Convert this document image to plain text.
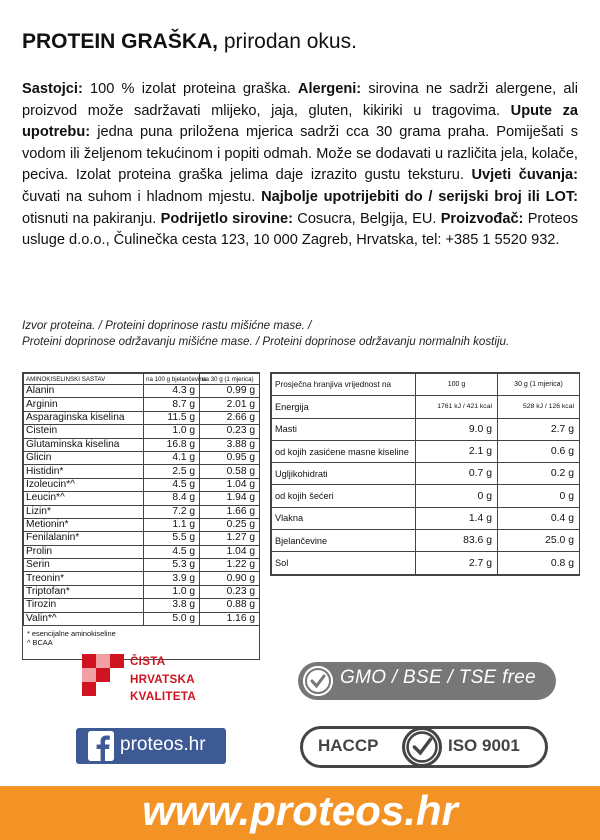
PROTEIN GRAŠKA, prirodan okus.
Sastojci: 100 % izolat proteina graška. Alergeni: sirovina ne sadrži alergene, ali proizvod može sadržavati mlijeko, jaja, gluten, kikiriki u tragovima. Upute za upotrebu: jedna puna priložena mjerica sadrži cca 30 grama praha. Pomiješati s vodom ili željenom tekućinom i popiti odmah. Može se dodavati u različita jela, kolače, peciva. Izolat proteina graška jelima daje izrazito gustu teksturu. Uvjeti čuvanja: čuvati na suhom i hladnom mjestu. Najbolje upotrijebiti do / serijski broj ili LOT: otisnuti na pakiranju. Podrijetlo sirovine: Cosucra, Belgija, EU. Proizvođač: Proteos usluge d.o.o., Čulinečka cesta 123, 10 000 Zagreb, Hrvatska, tel: +385 1 5520 932.
Izvor proteina. / Proteini doprinose rastu mišićne mase. /
Proteini doprinose održavanju mišićne mase. / Proteini doprinose održavanju normalnih kostiju.
AMINOKISELINSKI SASTAV	na 100 g bjelančevina	na 30 g (1 mjerica)
Alanin	4.3 g	0.99 g
Arginin	8.7 g	2.01 g
Asparaginska kiselina	11.5 g	2.66 g
Cistein	1.0 g	0.23 g
Glutaminska kiselina	16.8 g	3.88 g
Glicin	4.1 g	0.95 g
Histidin*	2.5 g	0.58 g
Izoleucin*^	4.5 g	1.04 g
Leucin*^	8.4 g	1.94 g
Lizin*	7.2 g	1.66 g
Metionin*	1.1 g	0.25 g
Fenilalanin*	5.5 g	1.27 g
Prolin	4.5 g	1.04 g
Serin	5.3 g	1.22 g
Treonin*	3.9 g	0.90 g
Triptofan*	1.0 g	0.23 g
Tirozin	3.8 g	0.88 g
Valin*^	5.0 g	1.16 g
* esencijalne aminokiseline
^ BCAA
Prosječna hranjiva vrijednost na	100 g	30 g (1 mjerica)
Energija	1761 kJ / 421 kcal	528 kJ / 126 kcal
Masti	9.0 g	2.7 g
od kojih zasićene masne kiseline	2.1 g	0.6 g
Ugljikohidrati	0.7 g	0.2 g
od kojih šećeri	0 g	0 g
Vlakna	1.4 g	0.4 g
Bjelančevine	83.6 g	25.0 g
Sol	2.7 g	0.8 g
ČISTA
HRVATSKA
KVALITETA
GMO / BSE / TSE free
proteos.hr	HACCP	ISO 9001
www.proteos.hr
